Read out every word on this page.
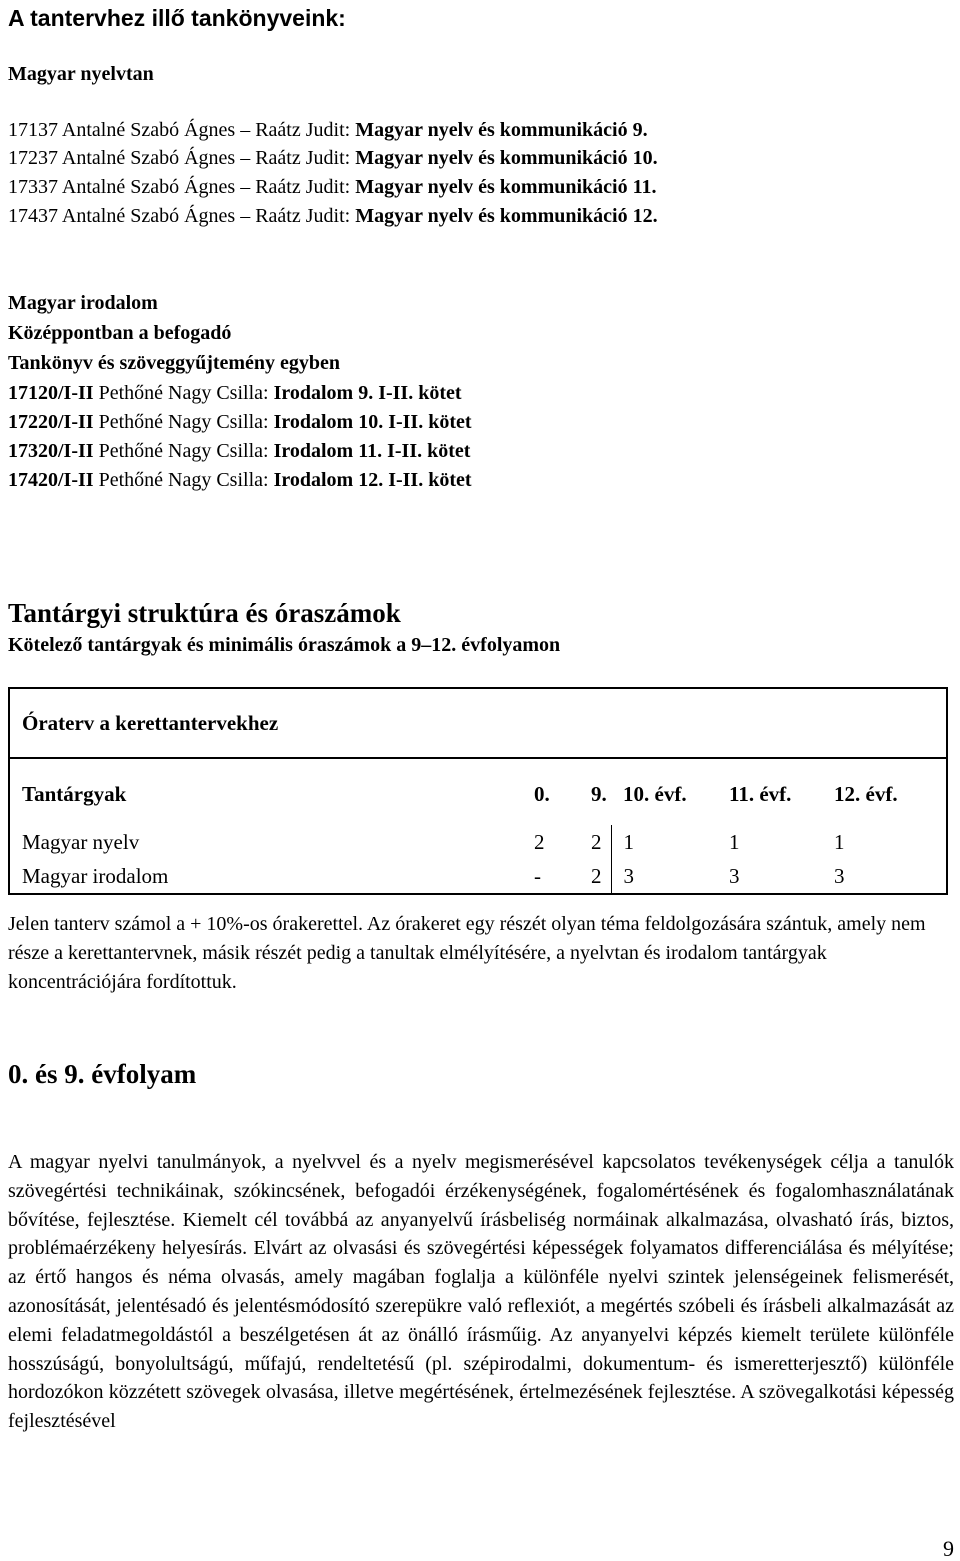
A tantervhez illő tankönyveink:
Magyar nyelvtan
17137 Antalné Szabó Ágnes – Raátz Judit: Magyar nyelv és kommunikáció 9.
17237 Antalné Szabó Ágnes – Raátz Judit: Magyar nyelv és kommunikáció 10.
17337 Antalné Szabó Ágnes – Raátz Judit: Magyar nyelv és kommunikáció 11.
17437 Antalné Szabó Ágnes – Raátz Judit: Magyar nyelv és kommunikáció 12.
Magyar irodalom
Középpontban a befogadó
Tankönyv és szöveggyűjtemény egyben
17120/I-II Pethőné Nagy Csilla: Irodalom 9. I-II. kötet
17220/I-II Pethőné Nagy Csilla: Irodalom 10. I-II. kötet
17320/I-II Pethőné Nagy Csilla: Irodalom 11. I-II. kötet
17420/I-II Pethőné Nagy Csilla: Irodalom 12. I-II. kötet
Tantárgyi struktúra és óraszámok
Kötelező tantárgyak és minimális óraszámok a 9–12. évfolyamon
Óraterv a kerettantervekhez					
Tantárgyak	0.	9.	10. évf.	11. évf.	12. évf.
Magyar nyelv	2	2	1	1	1
Magyar irodalom	-	2	3	3	3

Jelen tanterv számol a + 10%-os órakerettel. Az órakeret egy részét olyan téma feldolgozására szántuk, amely nem része a kerettantervnek, másik részét pedig a tanultak elmélyítésére, a nyelvtan és irodalom tantárgyak koncentrációjára fordítottuk.

0. és 9. évfolyam

A magyar nyelvi tanulmányok, a nyelvvel és a nyelv megismerésével kapcsolatos tevékenységek célja a tanulók szövegértési technikáinak, szókincsének, befogadói érzékenységének, fogalomértésének és fogalomhasználatának bővítése, fejlesztése. Kiemelt cél továbbá az anyanyelvű írásbeliség normáinak alkalmazása, olvasható írás, biztos, problémaérzékeny helyesírás. Elvárt az olvasási és szövegértési képességek folyamatos differenciálása és mélyítése; az értő hangos és néma olvasás, amely magában foglalja a különféle nyelvi szintek jelenségeinek felismerését, azonosítását, jelentésadó és jelentésmódosító szerepükre való reflexiót, a megértés szóbeli és írásbeli alkalmazását az elemi feladatmegoldástól a beszélgetésen át az önálló írásműig. Az anyanyelvi képzés kiemelt területe különféle hosszúságú, bonyolultságú, műfajú, rendeltetésű (pl. szépirodalmi, dokumentum- és ismeretterjesztő) különféle hordozókon közzétett szövegek olvasása, illetve megértésének, értelmezésének fejlesztése. A szövegalkotási képesség fejlesztésével

9
